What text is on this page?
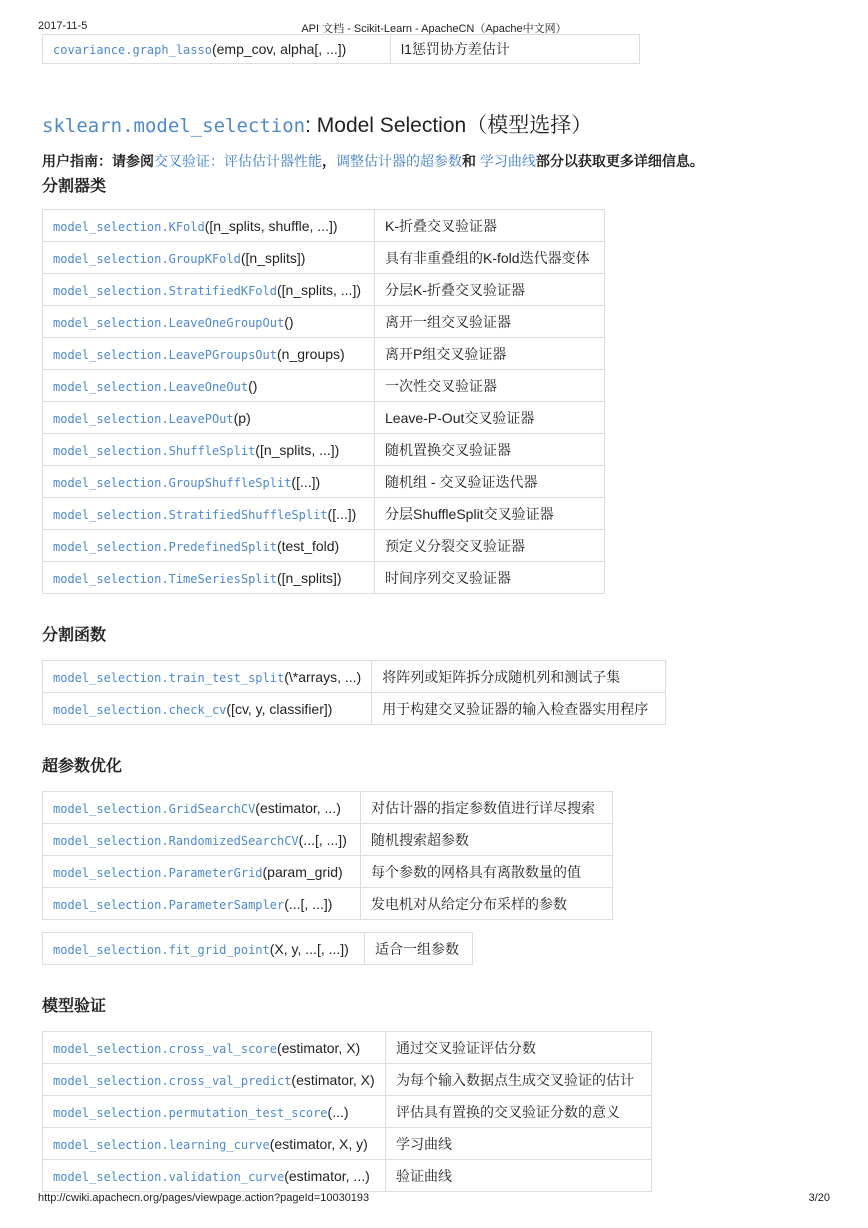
2017-11-5	API 文档 - Scikit-Learn - ApacheCN（Apache中文网）
covariance.graph_lasso(emp_cov, alpha[, ...])	l1惩罚协方差估计
sklearn.model_selection: Model Selection（模型选择）

用户指南：请参阅交叉验证：评估估计器性能，调整估计器的超参数和 学习曲线部分以获取更多详细信息。

分割器类
model_selection.KFold([n_splits, shuffle, ...])	K-折叠交叉验证器
model_selection.GroupKFold([n_splits])	具有非重叠组的K-fold迭代器变体
model_selection.StratifiedKFold([n_splits, ...])	分层K-折叠交叉验证器
model_selection.LeaveOneGroupOut()	离开一组交叉验证器
model_selection.LeavePGroupsOut(n_groups)	离开P组交叉验证器
model_selection.LeaveOneOut()	一次性交叉验证器
model_selection.LeavePOut(p)	Leave-P-Out交叉验证器
model_selection.ShuffleSplit([n_splits, ...])	随机置换交叉验证器
model_selection.GroupShuffleSplit([...])	随机组 - 交叉验证迭代器
model_selection.StratifiedShuffleSplit([...])	分层ShuffleSplit交叉验证器
model_selection.PredefinedSplit(test_fold)	预定义分裂交叉验证器
model_selection.TimeSeriesSplit([n_splits])	时间序列交叉验证器
分割函数
model_selection.train_test_split(\*arrays, ...)	将阵列或矩阵拆分成随机列和测试子集
model_selection.check_cv([cv, y, classifier])	用于构建交叉验证器的输入检查器实用程序
超参数优化
model_selection.GridSearchCV(estimator, ...)	对估计器的指定参数值进行详尽搜索
model_selection.RandomizedSearchCV(...[, ...])	随机搜索超参数
model_selection.ParameterGrid(param_grid)	每个参数的网格具有离散数量的值
model_selection.ParameterSampler(...[, ...])	发电机对从给定分布采样的参数
model_selection.fit_grid_point(X, y, ...[, ...])	适合一组参数
模型验证
model_selection.cross_val_score(estimator, X)	通过交叉验证评估分数
model_selection.cross_val_predict(estimator, X)	为每个输入数据点生成交叉验证的估计
model_selection.permutation_test_score(...)	评估具有置换的交叉验证分数的意义
model_selection.learning_curve(estimator, X, y)	学习曲线
model_selection.validation_curve(estimator, ...)	验证曲线
http://cwiki.apachecn.org/pages/viewpage.action?pageId=10030193	3/20
